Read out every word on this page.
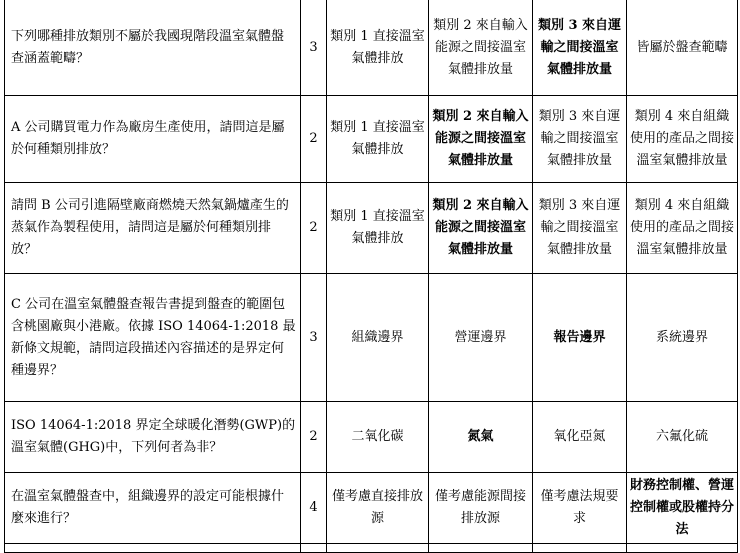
下列哪種排放類別不屬於我國現階段溫室氣體盤查涵蓋範疇？	3	類別 1 直接溫室氣體排放	類別 2 來自輸入能源之間接溫室氣體排放量	類別 3 來自運輸之間接溫室氣體排放量	皆屬於盤查範疇
A 公司購買電力作為廠房生產使用，請問這是屬於何種類別排放？	2	類別 1 直接溫室氣體排放	類別 2 來自輸入能源之間接溫室氣體排放量	類別 3 來自運輸之間接溫室氣體排放量	類別 4 來自組織使用的產品之間接溫室氣體排放量
請問 B 公司引進隔壁廠商燃燒天然氣鍋爐產生的蒸氣作為製程使用，請問這是屬於何種類別排放？	2	類別 1 直接溫室氣體排放	類別 2 來自輸入能源之間接溫室氣體排放量	類別 3 來自運輸之間接溫室氣體排放量	類別 4 來自組織使用的產品之間接溫室氣體排放量
C 公司在溫室氣體盤查報告書提到盤查的範圍包含桃園廠與小港廠。依據 ISO 14064-1:2018 最新條文規範，請問這段描述內容描述的是界定何種邊界？	3	組織邊界	營運邊界	報告邊界	系統邊界
ISO 14064-1:2018 界定全球暖化潛勢(GWP)的溫室氣體(GHG)中，下列何者為非？	2	二氧化碳	氮氣	氧化亞氮	六氟化硫
在溫室氣體盤查中，組織邊界的設定可能根據什麼來進行？	4	僅考慮直接排放源	僅考慮能源間接排放源	僅考慮法規要求	財務控制權、營運控制權或股權持分法
